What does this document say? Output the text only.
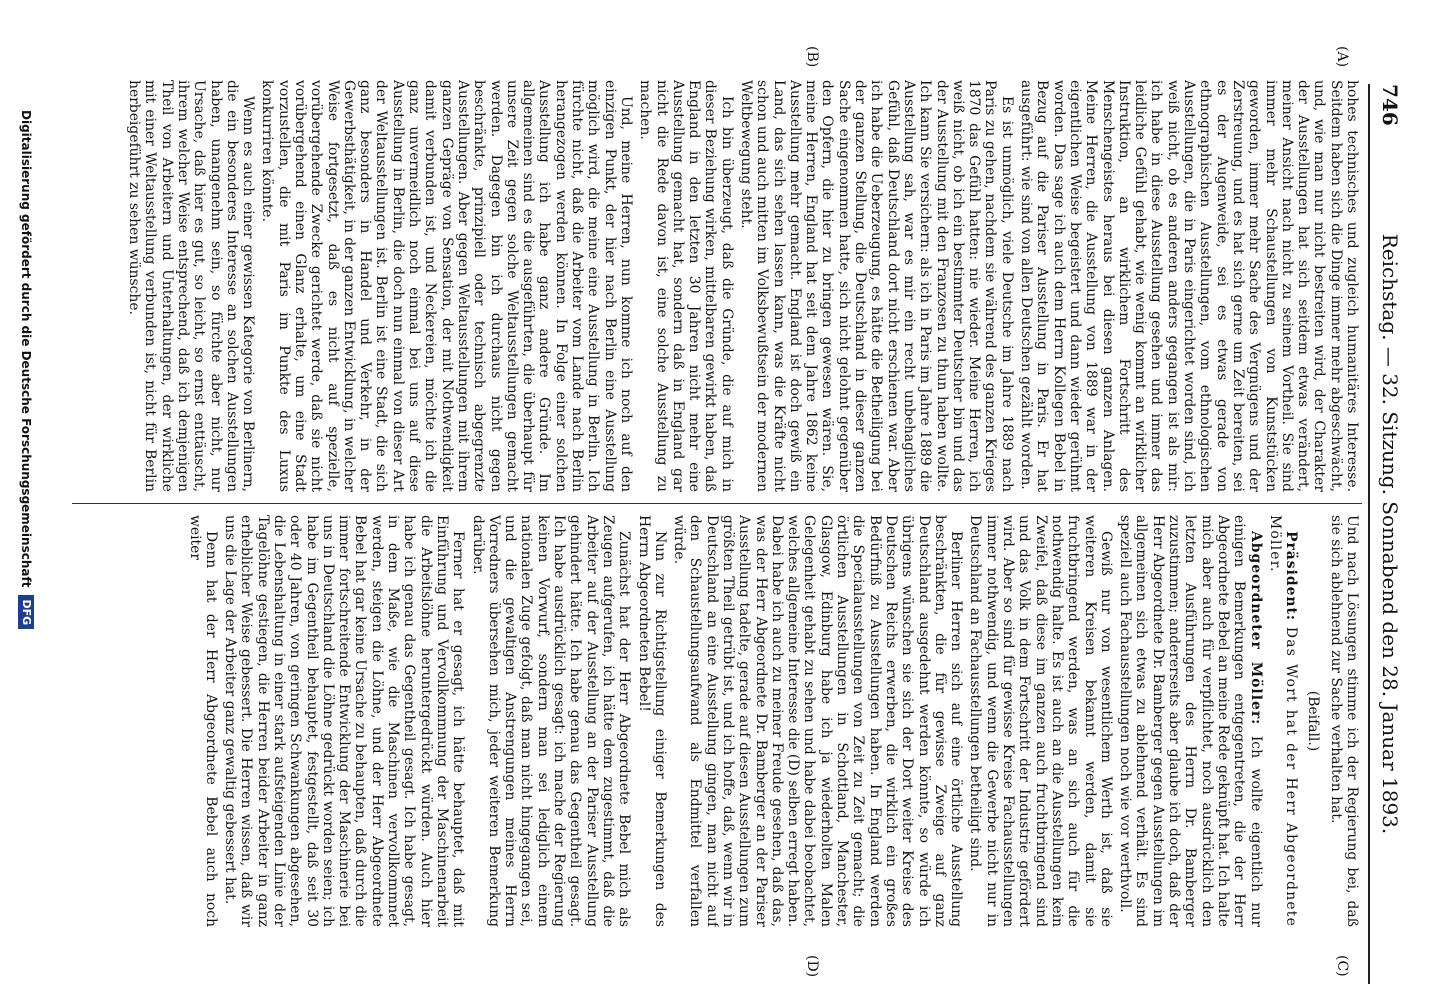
746
Reichstag. — 32. Sitzung. Sonnabend den 28. Januar 1893.
(A)
(B)
(C)
(D)

hohes technisches und zugleich humanitäres Interesse. Seitdem haben sich die Dinge immer mehr abgeschwächt, und, wie man nur nicht bestreiten wird, der Charakter der Ausstellungen hat sich seitdem etwas verändert, meiner Ansicht nach nicht zu seinem Vortheil. Sie sind immer mehr Schaustellungen von Kunststücken geworden, immer mehr Sache des Vergnügens und der Zerstreuung, und es hat sich gerne um Zeit bereiten, sei es der Augenweide, sei es etwas gerade von ethnographischen Ausstellungen, vom ethnologischen Ausstellungen, die in Paris eingerichtet worden sind, ich weiß nicht, ob es anderen anders gegangen ist als mir: ich habe in diese Ausstellung gesehen und immer das leidliche Gefühl gehabt, wie wenig kommt an wirklicher Instruktion, an wirklichem Fortschritt des Menschengeistes heraus bei diesen ganzen Anlagen. Meine Herren, die Ausstellung von 1889 war in der eigentlichen Weise begeistert und dann wieder gerühmt worden. Das sage ich auch dem Herrn Kollegen Bebel in Bezug auf die Pariser Ausstellung in Paris. Er hat ausgeführt: wie sind von allen Deutschen gezählt worden.

Es ist unmöglich, viele Deutsche im Jahre 1889 nach Paris zu gehen, nachdem sie während des ganzen Krieges 1870 das Gefühl hatten: nie wieder. Meine Herren, ich weiß nicht, ob ich ein bestimmter Deutscher bin und das der Ausstellung mit den Franzosen zu thun haben wollte. Ich kann Sie versichern: als ich in Paris im Jahre 1889 die Ausstellung sah, war es mir ein recht unbehagliches Gefühl, daß Deutschland dort nicht erschienen war. Aber ich habe die Ueberzeugung, es hätte die Betheiligung bei der ganzen Stellung, die Deutschland in dieser ganzen Sache eingenommen hatte, sich nicht gelohnt gegenüber den Opfern, die hier zu bringen gewesen wären. Sie, meine Herren, England hat seit dem Jahre 1862 keine Ausstellung mehr gemacht. England ist doch gewiß ein Land, das sich sehen lassen kann, was die Kräfte nicht schon und auch mitten im Volksbewußtsein der modernen Weltbewegung steht.

Ich bin überzeugt, daß die Gründe, die auf mich in dieser Beziehung wirken, mittelbaren gewirkt haben, daß England in den letzten 30 Jahren nicht mehr eine Ausstellung gemacht hat, sondern daß in England gar nicht die Rede davon ist, eine solche Ausstellung zu machen.

Und, meine Herren, nun komme ich noch auf den einzigen Punkt, der hier nach Berlin eine Ausstellung möglich wird, die meine eine Ausstellung in Berlin. Ich fürchte nicht, daß die Arbeiter vom Lande nach Berlin herangezogen werden können. In Folge einer solchen Ausstellung ich habe ganz andere Gründe. Im allgemeinen sind es die ausgeführten, die überhaupt für unsere Zeit gegen solche Weltausstellungen gemacht werden. Dagegen bin ich durchaus nicht gegen beschränkte, prinzipiell oder technisch abgegrenzte Ausstellungen. Aber gegen Weltausstellungen mit ihrem ganzen Gepräge von Sensation, der mit Nothwendigkeit damit verbunden ist, und Neckereien, möchte ich die ganz unvermeidlich noch einmal bei uns auf diese Ausstellung in Berlin, die doch nun einmal von dieser Art der Weltausstellungen ist. Berlin ist eine Stadt, die sich ganz besonders in Handel und Verkehr, in der Gewerbsthätigkeit, in der ganzen Entwicklung, in welcher Weise fortgesetzt, daß es nicht auf spezielle, vorübergehende Zwecke gerichtet werde, daß sie nicht vorübergehend einen Glanz erhalte, um eine Stadt vorzustellen, die mit Paris im Punkte des Luxus konkurriren könnte.

Wenn es auch einer gewissen Kategorie von Berlinern, die ein besonderes Interesse an solchen Ausstellungen haben, unangenehm sein, so fürchte aber nicht, nur Ursache, daß hier es gut, so leicht, so ernst enttäuscht, ihrem welcher Weise entsprechend, daß ich demjenigen Theil von Arbeitern und Unterhaltungen, der wirkliche mit einer Weltausstellung verbunden ist, nicht für Berlin herbeigeführt zu sehen wünsche.

Und nach Lösungen stimme ich der Regierung bei, daß sie sich ablehnend zur Sache verhalten hat.

(Beifall.)

Präsident: Das Wort hat der Herr Abgeordnete Möller.

Abgeordneter Möller: Ich wollte eigentlich nur einigen Bemerkungen entgegentreten, die der Herr Abgeordnete Bebel an meine Rede geknüpft hat. Ich halte mich aber auch für verpflichtet, noch ausdrücklich den letzten Ausführungen des Herrn Dr. Bamberger zuzustimmen; andererseits aber glaube ich doch, daß der Herr Abgeordnete Dr. Bamberger gegen Ausstellungen im allgemeinen sich etwas zu ablehnend verhält. Es sind speziell auch Fachausstellungen noch wie vor werthvoll.

Gewiß nur von wesentlichem Werth ist, daß sie weiteren Kreisen bekannt werden, damit sie fruchtbringend werden, was an sich auch für die nothwendig halte. Es ist auch an die Ausstellungen kein Zweifel, daß diese im ganzen auch fruchtbringend sind und das Volk in dem Fortschritt der Industrie gefördert wird. Aber so sind für gewisse Kreise Fachausstellungen immer nothwendig, und wenn die Gewerbe nicht nur in Deutschland an Fachausstellungen betheiligt sind.

Berliner Herren sich auf eine örtliche Ausstellung beschränkten, die für gewisse Zweige auf ganz Deutschland ausgedehnt werden könnte, so würde ich übrigens wünschen sie sich der Dort weiter Kreise des Deutschen Reichs erwerben, die wirklich ein großes Bedürfniß zu Ausstellungen haben. In England werden die Specialausstellungen von Zeit zu Zeit gemacht; die örtlichen Ausstellungen in Schottland, Manchester, Glasgow, Edinburg habe ich ja wiederholten Malen Gelegenheit gehabt zu sehen und habe dabei beobachtet, welches allgemeine Interesse die (D) selben erregt haben. Dabei habe ich auch zu meiner Freude gesehen, daß das, was der Herr Abgeordnete Dr. Bamberger an der Pariser Ausstellung tadelte, gerade auf diesen Ausstellungen zum größten Theil getrübt ist, und ich hoffe, daß, wenn wir in Deutschland an eine Ausstellung gingen, man nicht auf den Schaustellungsaufwand als Endmittel verfallen würde.

Nun zur Richtigstellung einiger Bemerkungen des Herrn Abgeordneten Bebel!

Zunächst hat der Herr Abgeordnete Bebel mich als Zeugen aufgerufen, ich hätte dem zugestimmt, daß die Arbeiter auf der Ausstellung an der Pariser Ausstellung gehindert hätte. Ich habe genau das Gegentheil gesagt. Ich habe ausdrücklich gesagt: ich mache der Regierung keinen Vorwurf, sondern man sei lediglich einem nationalen Zuge gefolgt, daß man nicht hingegangen sei, und die gewaltigen Anstrengungen meines Herrn Vorredners übersehen mich, jeder weiteren Bemerkung darüber.

Ferner hat er gesagt, ich hätte behauptet, daß mit Einführung und Vervollkommnung der Maschinenarbeit die Arbeitslöhne heruntergedrückt würden. Auch hier habe ich genau das Gegentheil gesagt. Ich habe gesagt, in dem Maße, wie die Maschinen vervollkommnet werden, steigen die Löhne, und der Herr Abgeordnete Bebel hat gar keine Ursache zu behaupten, daß durch die immer fortschreitende Entwicklung der Maschinerie bei uns in Deutschland die Löhne gedrückt worden seien; ich habe im Gegentheil behauptet, festgestellt, daß seit 30 oder 40 Jahren, von geringen Schwankungen abgesehen, die Lebenshaltung in einer stark aufsteigenden Linie der Tagelöhne gestiegen, die Herren beider Arbeiter in ganz erheblicher Weise gebessert. Die Herren wissen, daß wir uns die Lage der Arbeiter ganz gewaltig gebessert hat.

Denn hat der Herr Abgeordnete Bebel auch noch weiter

Digitalisierung gefördert durch die Deutsche Forschungsgemeinschaft
DFG
